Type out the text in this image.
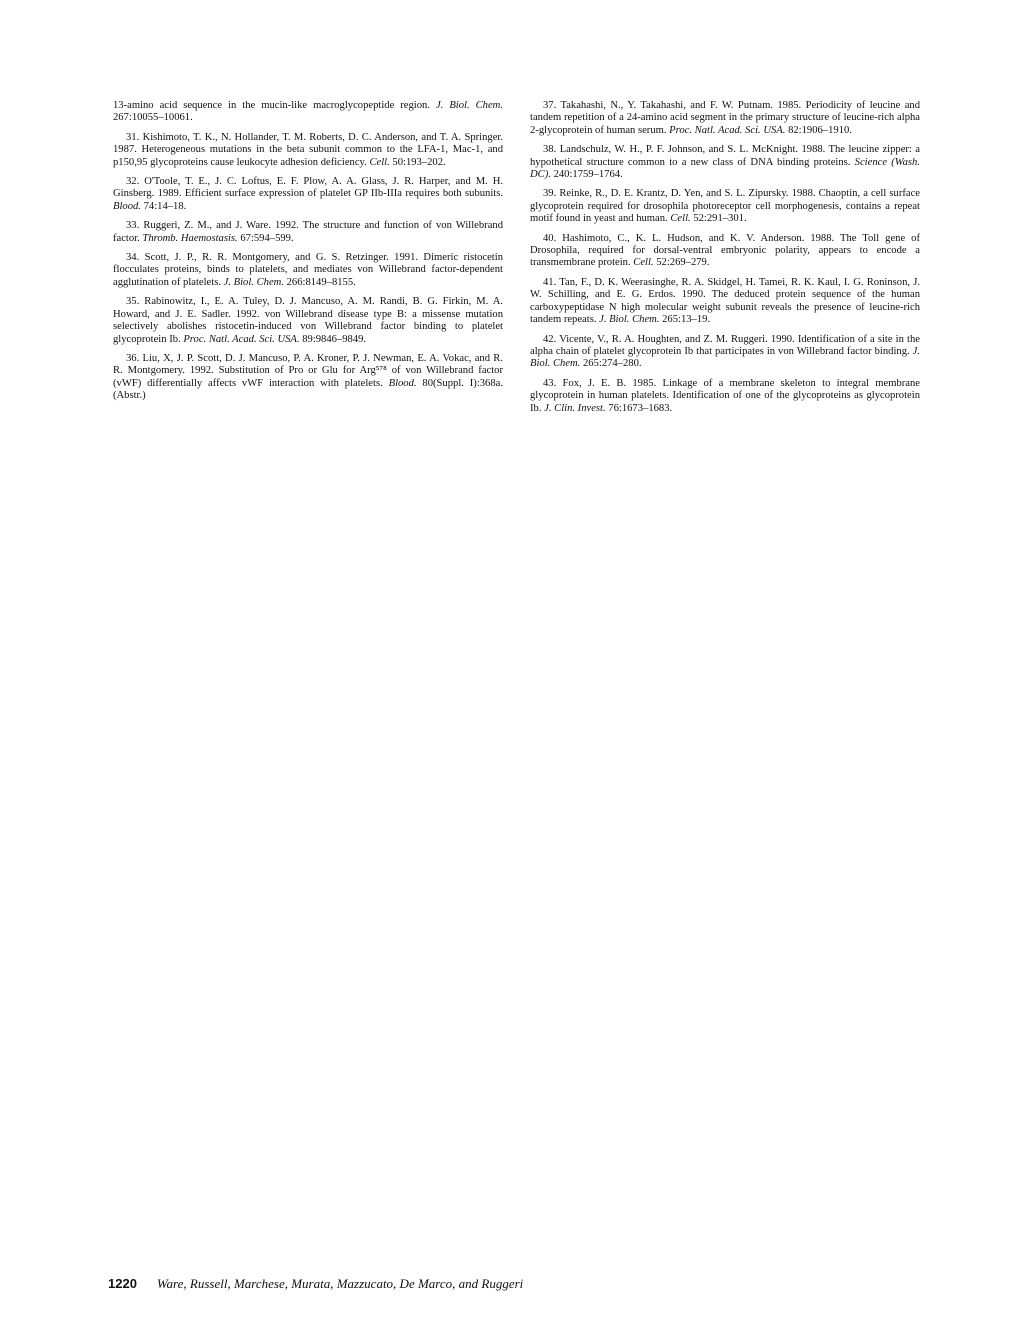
13-amino acid sequence in the mucin-like macroglycopeptide region. J. Biol. Chem. 267:10055–10061.

31. Kishimoto, T. K., N. Hollander, T. M. Roberts, D. C. Anderson, and T. A. Springer. 1987. Heterogeneous mutations in the beta subunit common to the LFA-1, Mac-1, and p150,95 glycoproteins cause leukocyte adhesion deficiency. Cell. 50:193–202.

32. O'Toole, T. E., J. C. Loftus, E. F. Plow, A. A. Glass, J. R. Harper, and M. H. Ginsberg. 1989. Efficient surface expression of platelet GP IIb-IIIa requires both subunits. Blood. 74:14–18.

33. Ruggeri, Z. M., and J. Ware. 1992. The structure and function of von Willebrand factor. Thromb. Haemostasis. 67:594–599.

34. Scott, J. P., R. R. Montgomery, and G. S. Retzinger. 1991. Dimeric ristocetin flocculates proteins, binds to platelets, and mediates von Willebrand factor-dependent agglutination of platelets. J. Biol. Chem. 266:8149–8155.

35. Rabinowitz, I., E. A. Tuley, D. J. Mancuso, A. M. Randi, B. G. Firkin, M. A. Howard, and J. E. Sadler. 1992. von Willebrand disease type B: a missense mutation selectively abolishes ristocetin-induced von Willebrand factor binding to platelet glycoprotein Ib. Proc. Natl. Acad. Sci. USA. 89:9846–9849.

36. Liu, X, J. P. Scott, D. J. Mancuso, P. A. Kroner, P. J. Newman, E. A. Vokac, and R. R. Montgomery. 1992. Substitution of Pro or Glu for Arg⁵⁷⁸ of von Willebrand factor (vWF) differentially affects vWF interaction with platelets. Blood. 80(Suppl. I):368a. (Abstr.)

37. Takahashi, N., Y. Takahashi, and F. W. Putnam. 1985. Periodicity of leucine and tandem repetition of a 24-amino acid segment in the primary structure of leucine-rich alpha 2-glycoprotein of human serum. Proc. Natl. Acad. Sci. USA. 82:1906–1910.

38. Landschulz, W. H., P. F. Johnson, and S. L. McKnight. 1988. The leucine zipper: a hypothetical structure common to a new class of DNA binding proteins. Science (Wash. DC). 240:1759–1764.

39. Reinke, R., D. E. Krantz, D. Yen, and S. L. Zipursky. 1988. Chaoptin, a cell surface glycoprotein required for drosophila photoreceptor cell morphogenesis, contains a repeat motif found in yeast and human. Cell. 52:291–301.

40. Hashimoto, C., K. L. Hudson, and K. V. Anderson. 1988. The Toll gene of Drosophila, required for dorsal-ventral embryonic polarity, appears to encode a transmembrane protein. Cell. 52:269–279.

41. Tan, F., D. K. Weerasinghe, R. A. Skidgel, H. Tamei, R. K. Kaul, I. G. Roninson, J. W. Schilling, and E. G. Erdos. 1990. The deduced protein sequence of the human carboxypeptidase N high molecular weight subunit reveals the presence of leucine-rich tandem repeats. J. Biol. Chem. 265:13–19.

42. Vicente, V., R. A. Houghten, and Z. M. Ruggeri. 1990. Identification of a site in the alpha chain of platelet glycoprotein Ib that participates in von Willebrand factor binding. J. Biol. Chem. 265:274–280.

43. Fox, J. E. B. 1985. Linkage of a membrane skeleton to integral membrane glycoprotein in human platelets. Identification of one of the glycoproteins as glycoprotein Ib. J. Clin. Invest. 76:1673–1683.

1220 Ware, Russell, Marchese, Murata, Mazzucato, De Marco, and Ruggeri
